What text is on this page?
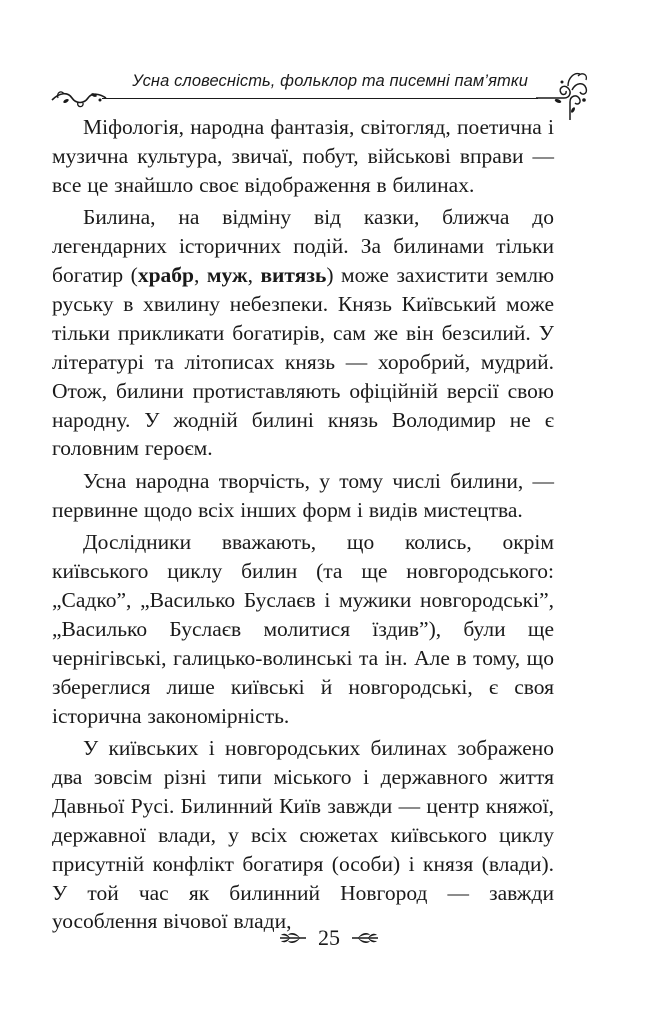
Усна словесність, фольклор та писемні пам’ятки

Міфологія, народна фантазія, світогляд, поетична і музична культура, звичаї, побут, військові вправи — все це знайшло своє відображення в билинах.

Билина, на відміну від казки, ближча до легендарних історичних подій. За билинами тільки богатир (храбр, муж, витязь) може захистити землю руську в хвилину небезпеки. Князь Київський може тільки прикликати богатирів, сам же він безсилий. У літературі та літописах князь — хоробрий, мудрий. Отож, билини протиставляють офіційній версії свою народну. У жодній билині князь Володимир не є головним героєм.

Усна народна творчість, у тому числі билини, — первинне щодо всіх інших форм і видів мистецтва.

Дослідники вважають, що колись, окрім київського циклу билин (та ще новгородського: „Садко”, „Василько Буслаєв і мужики новгородські”, „Василько Буслаєв молитися їздив”), були ще чернігівські, галицько-волинські та ін. Але в тому, що збереглися лише київські й новгородські, є своя історична закономірність.

У київських і новгородських билинах зображено два зовсім різні типи міського і державного життя Давньої Русі. Билинний Київ завжди — центр княжої, державної влади, у всіх сюжетах київського циклу присутній конфлікт богатиря (особи) і князя (влади). У той час як билинний Новгород — завжди уособлення вічової влади,

25
